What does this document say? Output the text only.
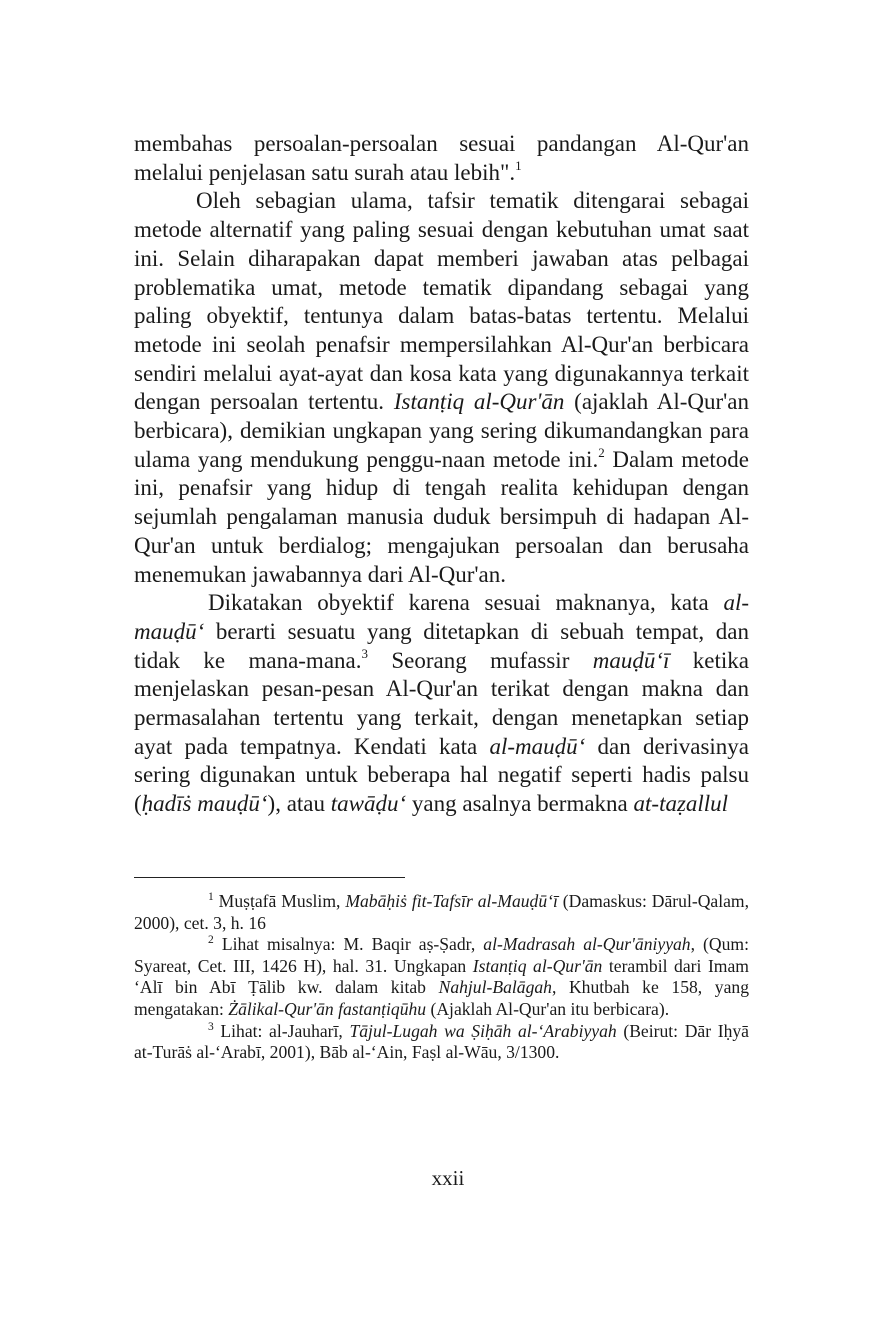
membahas persoalan-persoalan sesuai pandangan Al-Qur'an melalui penjelasan satu surah atau lebih".$^1$

Oleh sebagian ulama, tafsir tematik ditengarai sebagai metode alternatif yang paling sesuai dengan kebutuhan umat saat ini. Selain diharapakan dapat memberi jawaban atas pelbagai problematika umat, metode tematik dipandang sebagai yang paling obyektif, tentunya dalam batas-batas tertentu. Melalui metode ini seolah penafsir mempersilahkan Al-Qur'an berbicara sendiri melalui ayat-ayat dan kosa kata yang digunakannya terkait dengan persoalan tertentu. Istanṭiq al-Qur'ān (ajaklah Al-Qur'an berbicara), demikian ungkapan yang sering dikumandangkan para ulama yang mendukung penggu-naan metode ini.$^2$ Dalam metode ini, penafsir yang hidup di tengah realita kehidupan dengan sejumlah pengalaman manusia duduk bersimpuh di hadapan Al-Qur'an untuk berdialog; mengajukan persoalan dan berusaha menemukan jawabannya dari Al-Qur'an.

Dikatakan obyektif karena sesuai maknanya, kata al-mauḍū‘ berarti sesuatu yang ditetapkan di sebuah tempat, dan tidak ke mana-mana.$^3$ Seorang mufassir mauḍū‘ī ketika menjelaskan pesan-pesan Al-Qur'an terikat dengan makna dan permasalahan tertentu yang terkait, dengan menetapkan setiap ayat pada tempatnya. Kendati kata al-mauḍū‘ dan derivasinya sering digunakan untuk beberapa hal negatif seperti hadis palsu (ḥadīṡ mauḍū‘), atau tawāḍu‘ yang asalnya bermakna at-taẓallul

$^1$ Muṣṭafā Muslim, Mabāḥiṡ fit-Tafsīr al-Mauḍū‘ī (Damaskus: Dārul-Qalam, 2000), cet. 3, h. 16

$^2$ Lihat misalnya: M. Baqir aṣ-Ṣadr, al-Madrasah al-Qur'āniyyah, (Qum: Syareat, Cet. III, 1426 H), hal. 31. Ungkapan Istanṭiq al-Qur'ān terambil dari Imam ‘Alī bin Abī Ṭālib kw. dalam kitab Nahjul-Balāgah, Khutbah ke 158, yang mengatakan: Żālikal-Qur'ān fastanṭiqūhu (Ajaklah Al-Qur'an itu berbicara).

$^3$ Lihat: al-Jauharī, Tājul-Lugah wa Ṣiḥāh al-‘Arabiyyah (Beirut: Dār Iḥyā at-Turāṡ al-‘Arabī, 2001), Bāb al-‘Ain, Faṣl al-Wāu, 3/1300.

xxii
